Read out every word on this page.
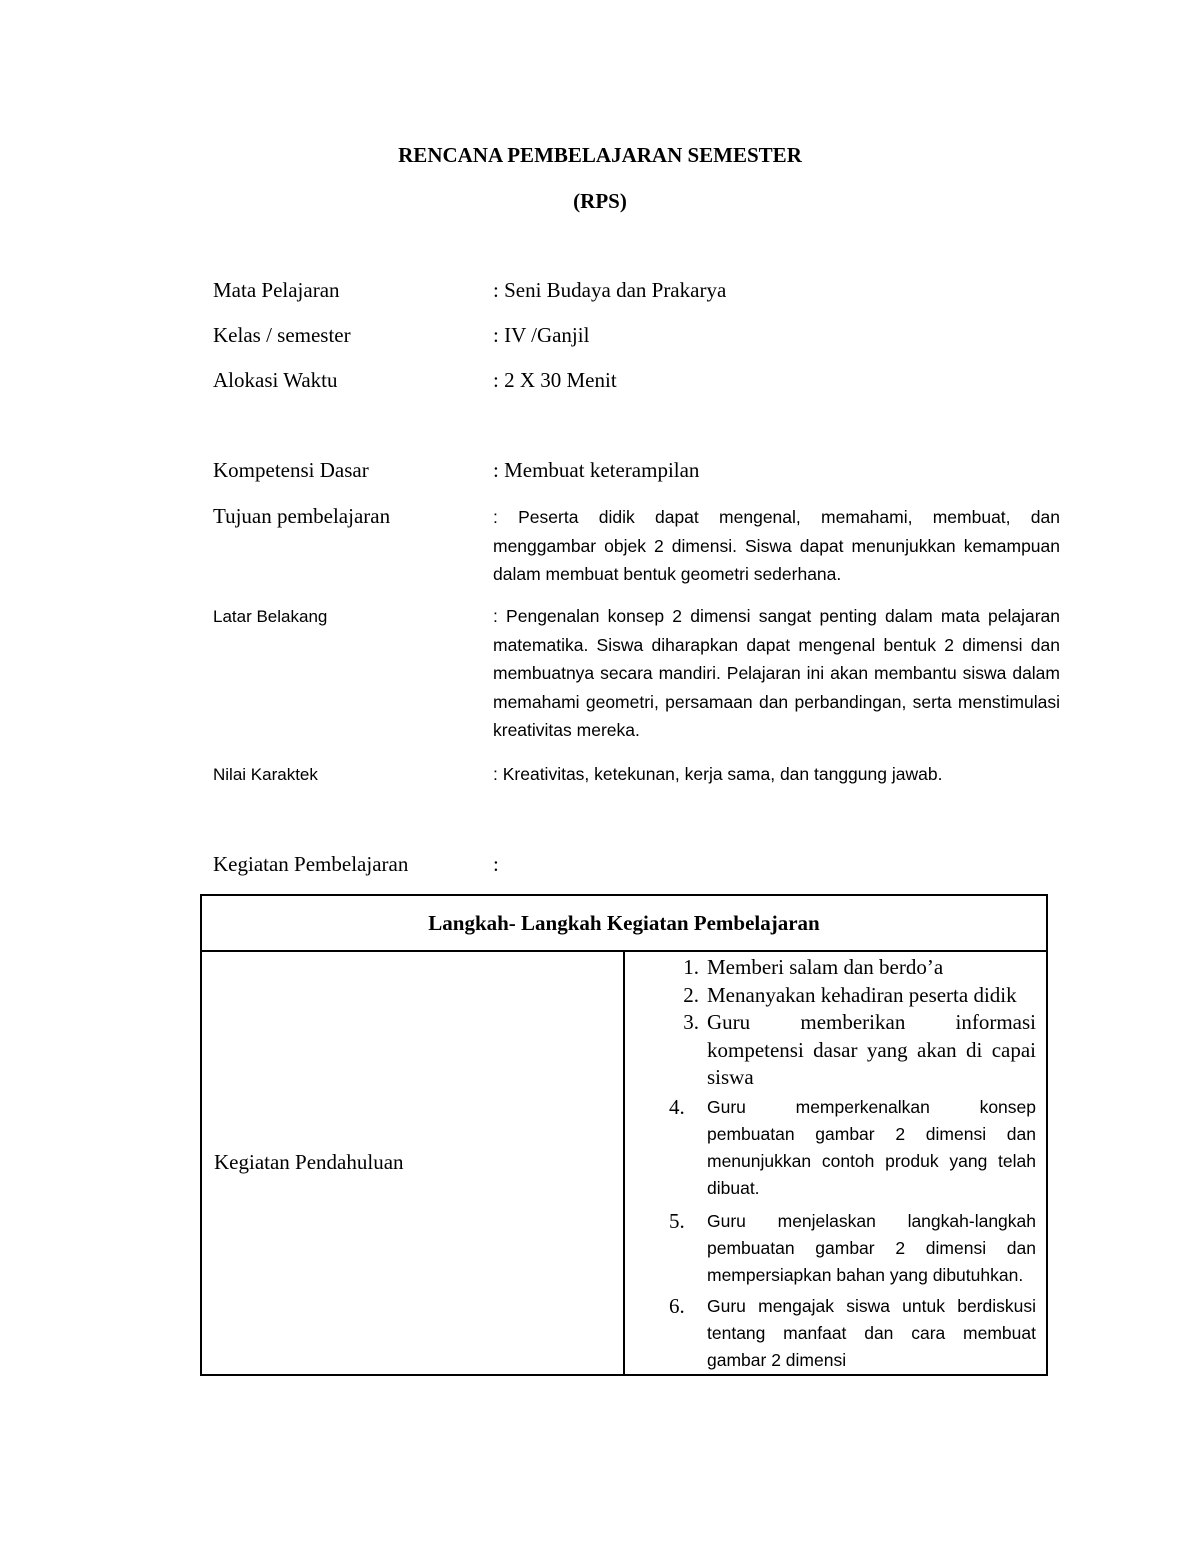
RENCANA PEMBELAJARAN SEMESTER
(RPS)
Mata Pelajaran	: Seni Budaya dan Prakarya
Kelas / semester	: IV /Ganjil
Alokasi Waktu	: 2 X 30 Menit
Kompetensi Dasar	: Membuat keterampilan
Tujuan pembelajaran	: Peserta didik dapat mengenal, memahami, membuat, dan menggambar objek 2 dimensi. Siswa dapat menunjukkan kemampuan dalam membuat bentuk geometri sederhana.
Latar Belakang	: Pengenalan konsep 2 dimensi sangat penting dalam mata pelajaran matematika. Siswa diharapkan dapat mengenal bentuk 2 dimensi dan membuatnya secara mandiri. Pelajaran ini akan membantu siswa dalam memahami geometri, persamaan dan perbandingan, serta menstimulasi kreativitas mereka.
Nilai Karaktek	: Kreativitas, ketekunan, kerja sama, dan tanggung jawab.
Kegiatan Pembelajaran	:
Langkah- Langkah Kegiatan Pembelajaran
Kegiatan Pendahuluan	
1. Memberi salam dan berdo’a
2. Menanyakan kehadiran peserta didik
3. Guru memberikan informasi kompetensi dasar yang akan di capai siswa
4.	Guru memperkenalkan konsep pembuatan gambar 2 dimensi dan menunjukkan contoh produk yang telah dibuat.
5.	Guru menjelaskan langkah-langkah pembuatan gambar 2 dimensi dan mempersiapkan bahan yang dibutuhkan.
6.	Guru mengajak siswa untuk berdiskusi tentang manfaat dan cara membuat gambar 2 dimensi
